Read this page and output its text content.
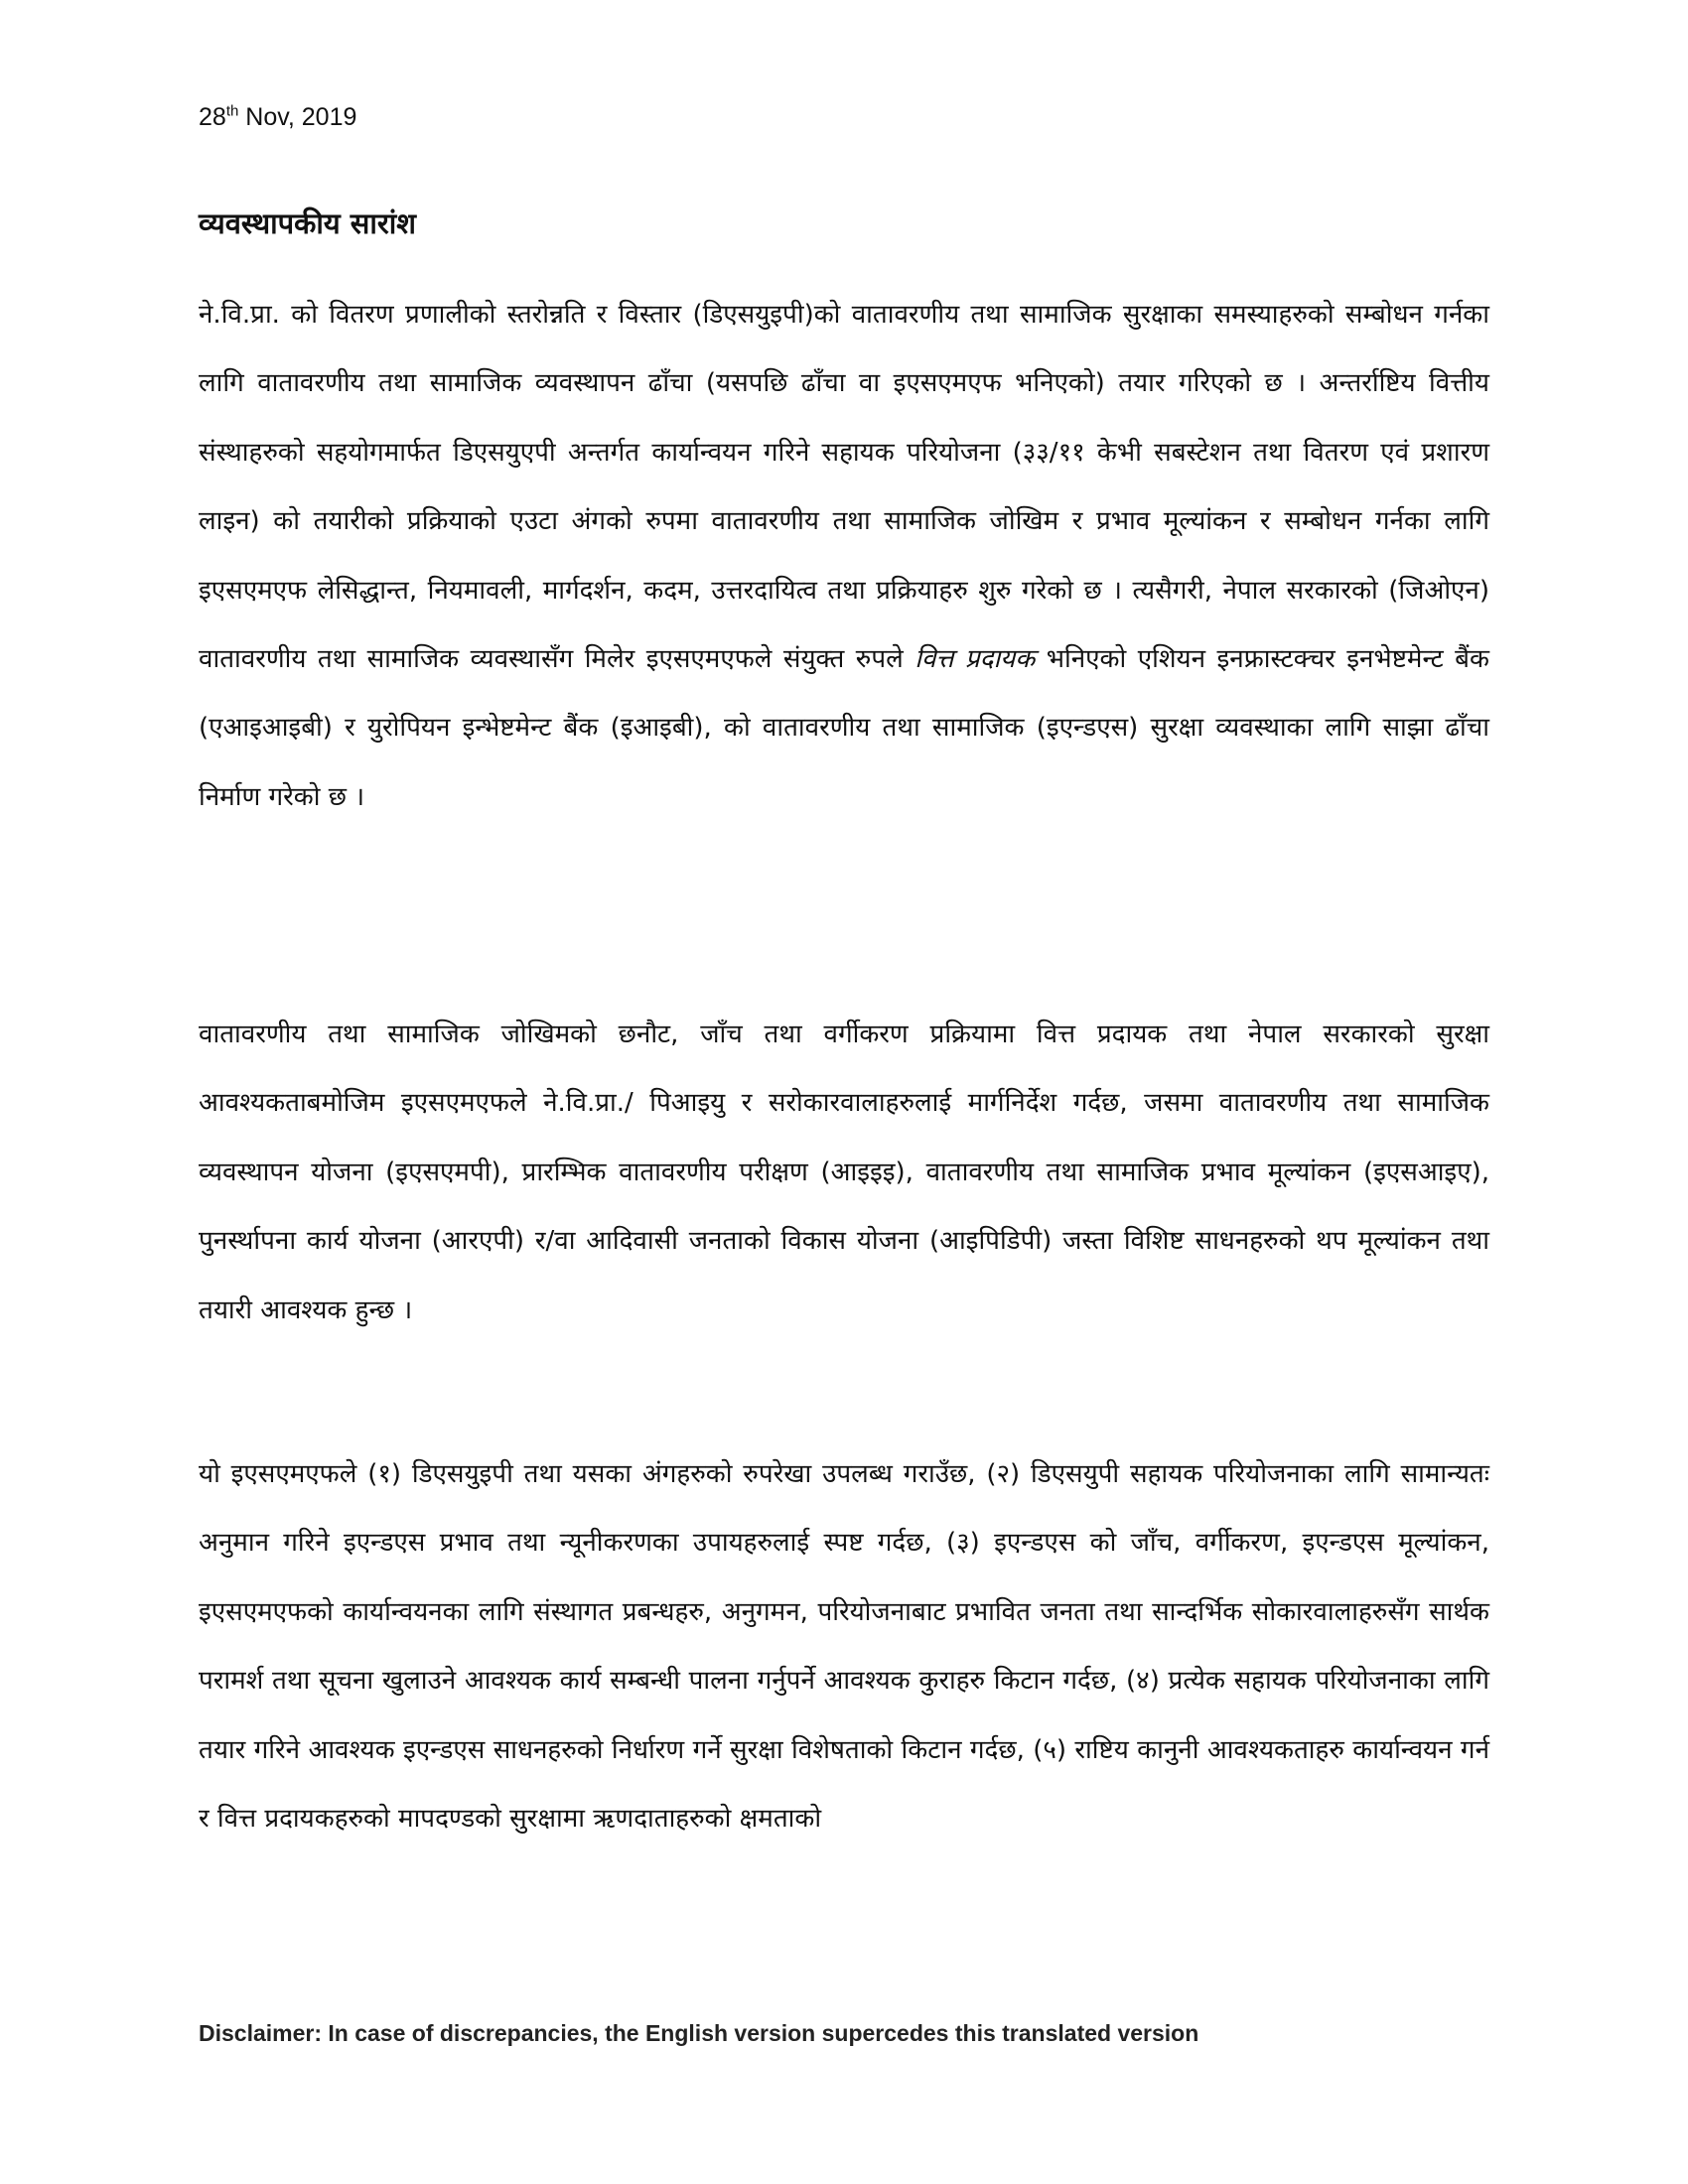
28th Nov, 2019
व्यवस्थापकीय सारांश

ने.वि.प्रा. को वितरण प्रणालीको स्तरोन्नति र विस्तार (डिएसयुइपी)को वातावरणीय तथा सामाजिक सुरक्षाका समस्याहरुको सम्बोधन गर्नका लागि वातावरणीय तथा सामाजिक व्यवस्थापन ढाँचा (यसपछि ढाँचा वा इएसएमएफ भनिएको) तयार गरिएको छ । अन्तर्राष्टिय वित्तीय संस्थाहरुको सहयोगमार्फत डिएसयुएपी अन्तर्गत कार्यान्वयन गरिने सहायक परियोजना (३३/११ केभी सबस्टेशन तथा वितरण एवं प्रशारण लाइन) को तयारीको प्रक्रियाको एउटा अंगको रुपमा वातावरणीय तथा सामाजिक जोखिम र प्रभाव मूल्यांकन र सम्बोधन गर्नका लागि इएसएमएफ लेसिद्धान्त, नियमावली, मार्गदर्शन, कदम, उत्तरदायित्व तथा प्रक्रियाहरु शुरु गरेको छ । त्यसैगरी, नेपाल सरकारको (जिओएन) वातावरणीय तथा सामाजिक व्यवस्थासँग मिलेर इएसएमएफले संयुक्त रुपले वित्त प्रदायक भनिएको एशियन इनफ्रास्टक्चर इनभेष्टमेन्ट बैंक (एआइआइबी) र युरोपियन इन्भेष्टमेन्ट बैंक (इआइबी), को वातावरणीय तथा सामाजिक (इएन्डएस) सुरक्षा व्यवस्थाका लागि साझा ढाँचा निर्माण गरेको छ ।

वातावरणीय तथा सामाजिक जोखिमको छनौट, जाँच तथा वर्गीकरण प्रक्रियामा वित्त प्रदायक तथा नेपाल सरकारको सुरक्षा आवश्यकताबमोजिम इएसएमएफले ने.वि.प्रा./ पिआइयु र सरोकारवालाहरुलाई मार्गनिर्देश गर्दछ, जसमा वातावरणीय तथा सामाजिक व्यवस्थापन योजना (इएसएमपी), प्रारम्भिक वातावरणीय परीक्षण (आइइइ), वातावरणीय तथा सामाजिक प्रभाव मूल्यांकन (इएसआइए), पुनर्स्थापना कार्य योजना (आरएपी) र/वा आदिवासी जनताको विकास योजना (आइपिडिपी) जस्ता विशिष्ट साधनहरुको थप मूल्यांकन तथा तयारी आवश्यक हुन्छ ।

यो इएसएमएफले (१) डिएसयुइपी तथा यसका अंगहरुको रुपरेखा उपलब्ध गराउँछ, (२) डिएसयुपी सहायक परियोजनाका लागि सामान्यतः अनुमान गरिने इएन्डएस प्रभाव तथा न्यूनीकरणका उपायहरुलाई स्पष्ट गर्दछ, (३) इएन्डएस को जाँच, वर्गीकरण, इएन्डएस मूल्यांकन, इएसएमएफको कार्यान्वयनका लागि संस्थागत प्रबन्धहरु, अनुगमन, परियोजनाबाट प्रभावित जनता तथा सान्दर्भिक सोकारवालाहरुसँग सार्थक परामर्श तथा सूचना खुलाउने आवश्यक कार्य सम्बन्धी पालना गर्नुपर्ने आवश्यक कुराहरु किटान गर्दछ, (४) प्रत्येक सहायक परियोजनाका लागि तयार गरिने आवश्यक इएन्डएस साधनहरुको निर्धारण गर्ने सुरक्षा विशेषताको किटान गर्दछ, (५) राष्टिय कानुनी आवश्यकताहरु कार्यान्वयन गर्न र वित्त प्रदायकहरुको मापदण्डको सुरक्षामा ऋणदाताहरुको क्षमताको

Disclaimer: In case of discrepancies, the English version supercedes this translated version
